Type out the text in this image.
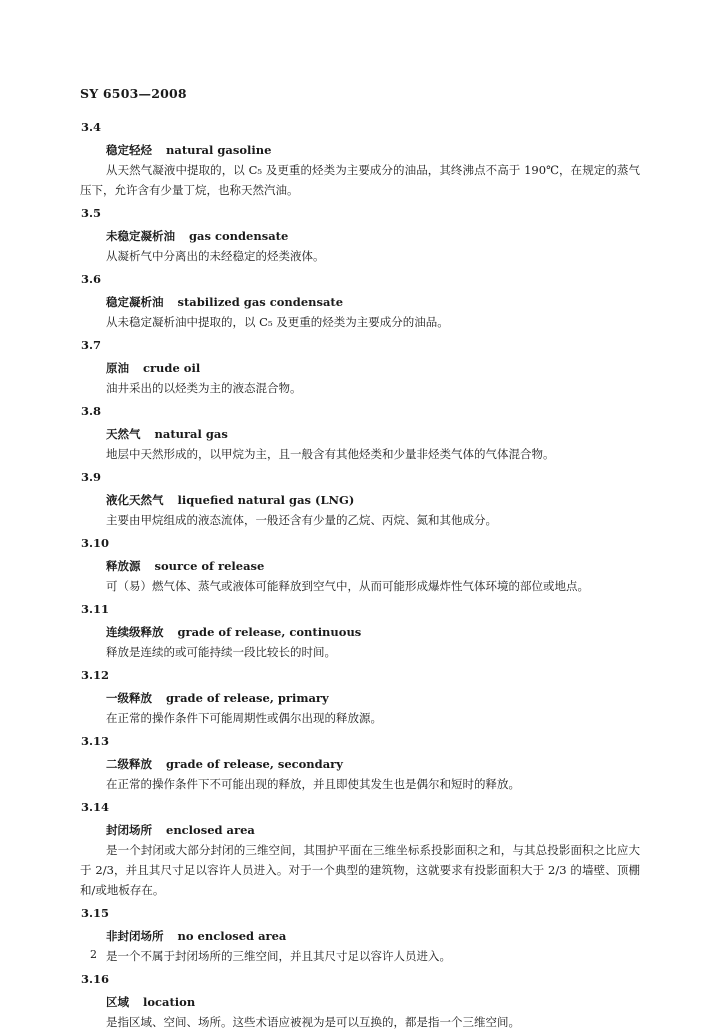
SY 6503—2008
3.4
稳定轻烃 natural gasoline
从天然气凝液中提取的，以 C₅ 及更重的烃类为主要成分的油品，其终沸点不高于 190℃，在规定的蒸气压下，允许含有少量丁烷，也称天然汽油。
3.5
未稳定凝析油 gas condensate
从凝析气中分离出的未经稳定的烃类液体。
3.6
稳定凝析油 stabilized gas condensate
从未稳定凝析油中提取的，以 C₅ 及更重的烃类为主要成分的油品。
3.7
原油 crude oil
油井采出的以烃类为主的液态混合物。
3.8
天然气 natural gas
地层中天然形成的，以甲烷为主，且一般含有其他烃类和少量非烃类气体的气体混合物。
3.9
液化天然气 liquefied natural gas (LNG)
主要由甲烷组成的液态流体，一般还含有少量的乙烷、丙烷、氮和其他成分。
3.10
释放源 source of release
可（易）燃气体、蒸气或液体可能释放到空气中，从而可能形成爆炸性气体环境的部位或地点。
3.11
连续级释放 grade of release, continuous
释放是连续的或可能持续一段比较长的时间。
3.12
一级释放 grade of release, primary
在正常的操作条件下可能周期性或偶尔出现的释放源。
3.13
二级释放 grade of release, secondary
在正常的操作条件下不可能出现的释放，并且即使其发生也是偶尔和短时的释放。
3.14
封闭场所 enclosed area
是一个封闭或大部分封闭的三维空间，其围护平面在三维坐标系投影面积之和，与其总投影面积之比应大于 2/3，并且其尺寸足以容许人员进入。对于一个典型的建筑物，这就要求有投影面积大于 2/3 的墙壁、顶棚和/或地板存在。
3.15
非封闭场所 no enclosed area
是一个不属于封闭场所的三维空间，并且其尺寸足以容许人员进入。
3.16
区域 location
是指区域、空间、场所。这些术语应被视为是可以互换的，都是指一个三维空间。
2
